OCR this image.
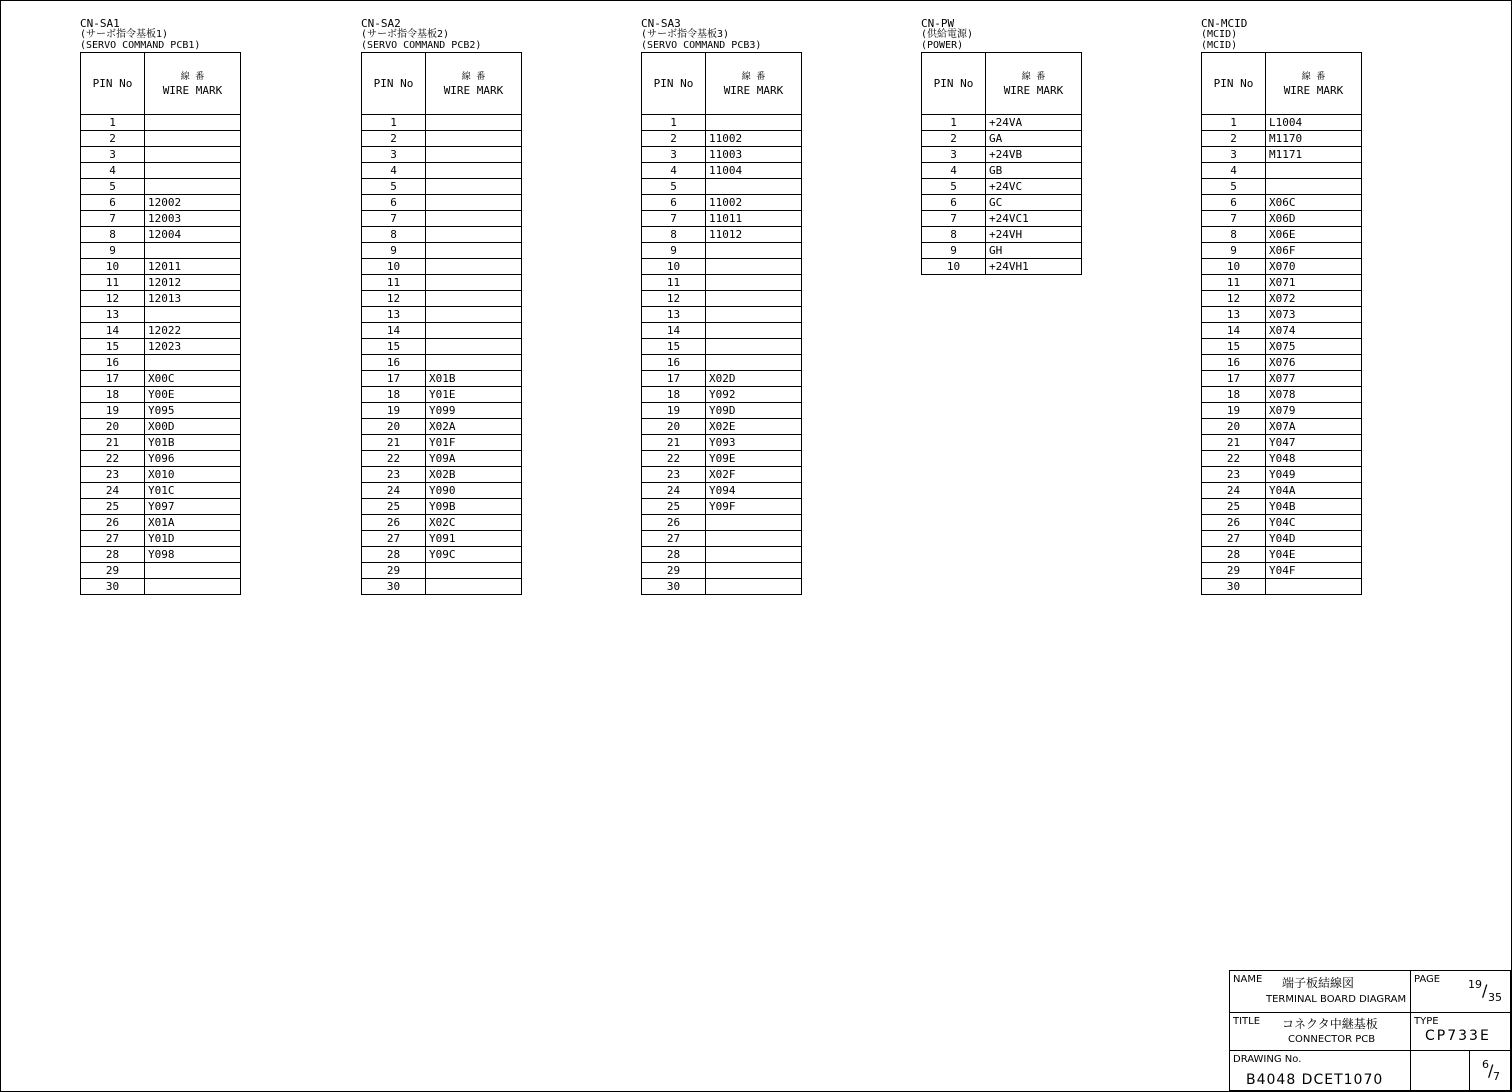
CN-SA1
(サーボ指令基板1)
(SERVO COMMAND PCB1)
PIN No	線 番
WIRE MARK
1	
2	
3	
4	
5	
6	12002
7	12003
8	12004
9	
10	12011
11	12012
12	12013
13	
14	12022
15	12023
16	
17	X00C
18	Y00E
19	Y095
20	X00D
21	Y01B
22	Y096
23	X010
24	Y01C
25	Y097
26	X01A
27	Y01D
28	Y098
29	
30	
CN-SA2
(サーボ指令基板2)
(SERVO COMMAND PCB2)
PIN No	線 番
WIRE MARK
1	
2	
3	
4	
5	
6	
7	
8	
9	
10	
11	
12	
13	
14	
15	
16	
17	X01B
18	Y01E
19	Y099
20	X02A
21	Y01F
22	Y09A
23	X02B
24	Y090
25	Y09B
26	X02C
27	Y091
28	Y09C
29	
30	
CN-SA3
(サーボ指令基板3)
(SERVO COMMAND PCB3)
PIN No	線 番
WIRE MARK
1	
2	11002
3	11003
4	11004
5	
6	11002
7	11011
8	11012
9	
10	
11	
12	
13	
14	
15	
16	
17	X02D
18	Y092
19	Y09D
20	X02E
21	Y093
22	Y09E
23	X02F
24	Y094
25	Y09F
26	
27	
28	
29	
30	
CN-PW
(供給電源)
(POWER)
PIN No	線 番
WIRE MARK
1	+24VA
2	GA
3	+24VB
4	GB
5	+24VC
6	GC
7	+24VC1
8	+24VH
9	GH
10	+24VH1
CN-MCID
(MCID)
(MCID)
PIN No	線 番
WIRE MARK
1	L1004
2	M1170
3	M1171
4	
5	
6	X06C
7	X06D
8	X06E
9	X06F
10	X070
11	X071
12	X072
13	X073
14	X074
15	X075
16	X076
17	X077
18	X078
19	X079
20	X07A
21	Y047
22	Y048
23	Y049
24	Y04A
25	Y04B
26	Y04C
27	Y04D
28	Y04E
29	Y04F
30	
NAME 端子板結線図
TERMINAL BOARD DIAGRAM
PAGE	19 / 35
TITLE コネクタ中継基板
CONNECTOR PCB
TYPE
CP733E
DRAWING No.
B4048 DCET1070
6 / 7
